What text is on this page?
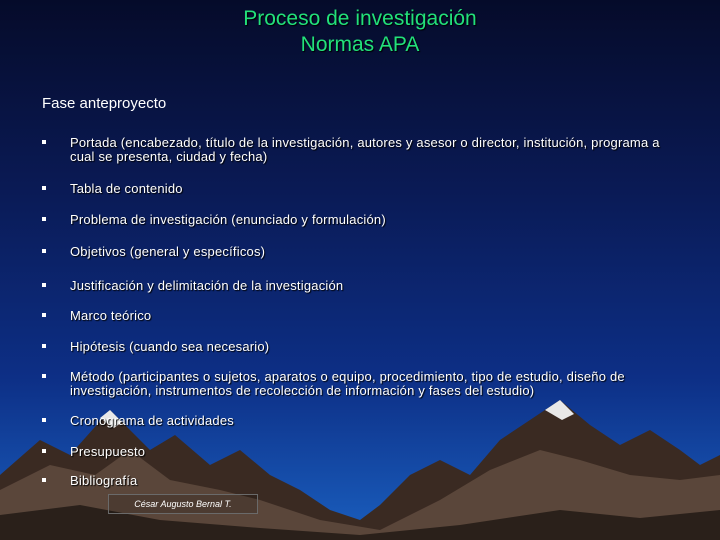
Proceso de investigación
Normas APA
Fase anteproyecto
Portada (encabezado, título de la investigación, autores y asesor o director, institución, programa a cual se presenta, ciudad y fecha)
Tabla de contenido
Problema de investigación (enunciado y formulación)
Objetivos (general y específicos)
Justificación y delimitación de la investigación
Marco teórico
Hipótesis (cuando sea necesario)
Método (participantes o sujetos, aparatos o equipo, procedimiento, tipo de estudio, diseño de investigación, instrumentos de recolección de información y fases del estudio)
Cronograma de actividades
Presupuesto
Bibliografía
César Augusto Bernal T.
